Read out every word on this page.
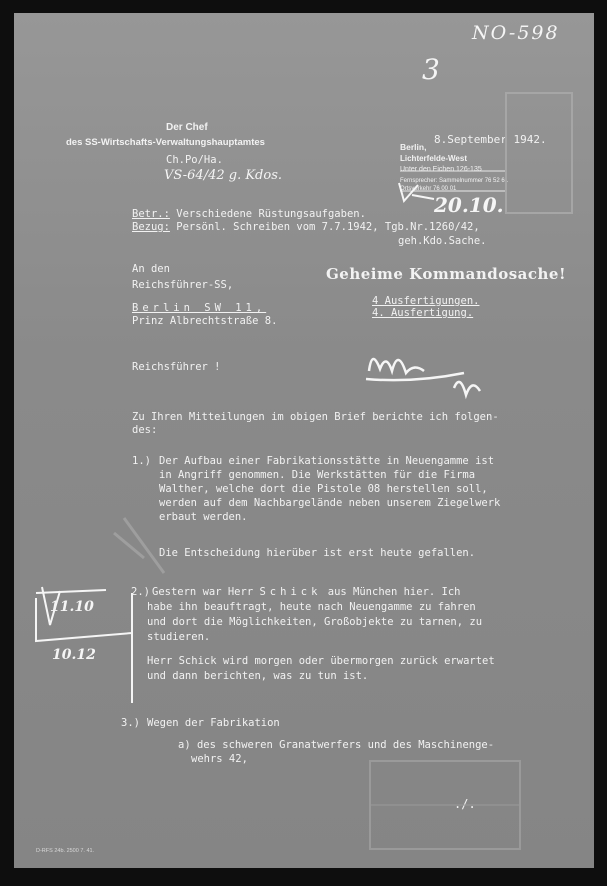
NO-598
3
Der Chef
des SS-Wirtschafts-Verwaltungshauptamtes
Ch.Po/Ha.
VS-64/42 g. Kdos.
8.September 1942.
Berlin,
Lichterfelde-West
Unter den Eichen 126-135
Fernsprecher: Sammelnummer 76 52 61
Ortsverkehr 76 00 01
20.10.
Betr.: Verschiedene Rüstungsaufgaben.
Bezug: Persönl. Schreiben vom 7.7.1942, Tgb.Nr.1260/42,
geh.Kdo.Sache.
An den
Reichsführer-SS,
Berlin SW 11,
Prinz Albrechtstraße 8.
Geheime Kommandosache!
4 Ausfertigungen.
4. Ausfertigung.
Reichsführer !
Zu Ihren Mitteilungen im obigen Brief berichte ich folgen-
des:
1.) Der Aufbau einer Fabrikationsstätte in Neuengamme ist
in Angriff genommen. Die Werkstätten für die Firma
Walther, welche dort die Pistole 08 herstellen soll,
werden auf dem Nachbargelände neben unserem Ziegelwerk
erbaut werden.
Die Entscheidung hierüber ist erst heute gefallen.
2.) Gestern war Herr Schick aus München hier. Ich
habe ihn beauftragt, heute nach Neuengamme zu fahren
und dort die Möglichkeiten, Großobjekte zu tarnen, zu
studieren.
Herr Schick wird morgen oder übermorgen zurück erwartet
und dann berichten, was zu tun ist.
3.) Wegen der Fabrikation
a) des schweren Granatwerfers und des Maschinenge-
wehrs 42,
11.10
10.12
./.
D-RFS 24b. 2500 7. 41.
